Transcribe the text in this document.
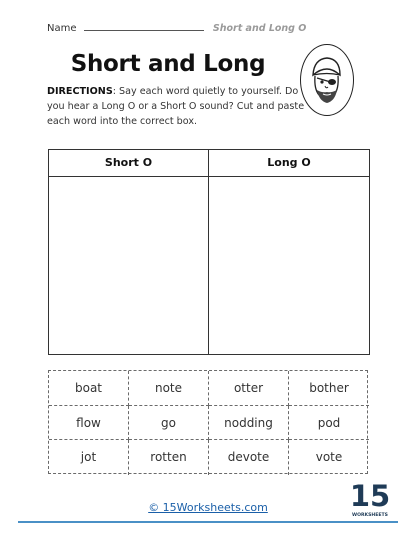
Name	Short and Long O
Short and Long
DIRECTIONS: Say each word quietly to yourself. Do you hear a Long O or a Short O sound? Cut and paste each word into the correct box.
Short O	Long O
boat	note	otter	bother
flow	go	nodding	pod
jot	rotten	devote	vote
© 15Worksheets.com	15
WORKSHEETS
